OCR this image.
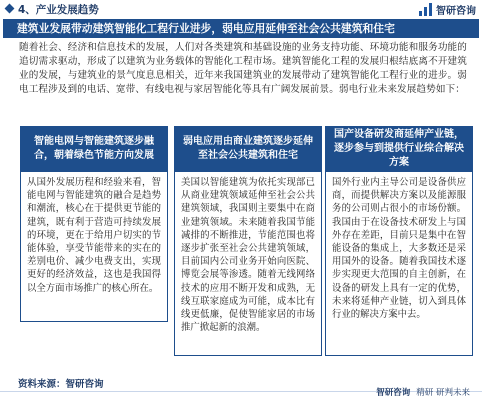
4、产业发展趋势	智研咨询
建筑业发展带动建筑智能化工程行业进步，弱电应用延伸至社会公共建筑和住宅
随着社会、经济和信息技术的发展，人们对各类建筑和基础设施的业务支持功能、环境功能和服务功能的追切需求驱动，形成了以建筑为业务载体的智能化工程市场。建筑智能化工程的发展归根结底离不开建筑业的发展，与建筑业的景气度息息相关，近年来我国建筑业的发展带动了建筑智能化工程行业的进步。弱电工程涉及到的电话、宽带、有线电视与家居智能化等具有广阔发展前景。弱电行业未来发展趋势如下：
智能电网与智能建筑逐步融合，朝着绿色节能方向发展
从国外发展历程和经验来看，智能电网与智能建筑的融合是趋势和潮流，核心在于提供更节能的建筑，既有利于营造可持续发展的环境，更在于给用户切实的节能体验，享受节能带来的实在的差别电价、减少电费支出，实现更好的经济效益，这也是我国得以全方面市场推广的核心所在。
弱电应用由商业建筑逐步延伸至社会公共建筑和住宅
美国以智能建筑为依托实现部已从商业建筑领域延伸至社会公共建筑领域，我国则主要集中在商业建筑领域。未来随着我国节能减排的不断推进，节能范围也将逐步扩张至社会公共建筑领域，目前国内公司业务开始向医院、博览会展等渗透。随着无线网络技术的应用不断开发和成熟，无线互联家庭成为可能，成本比有线更低廉，促使智能家居的市场推广掀起新的浪潮。
国产设备研发商延伸产业链，逐步参与到提供行业综合解决方案
国外行业内主导公司是设备供应商，而提供解决方案以及能源服务的公司则占很小的市场份额。我国由于在设备技术研发上与国外存在差距，目前只是集中在智能设备的集成上，大多数还是采用国外的设备。随着我国技术逐步实现更大范围的自主创新，在设备的研发上具有一定的优势，未来将延伸产业链，切入到具体行业的解决方案中去。
资料来源：智研咨询
智研咨询 精研 研判未来
